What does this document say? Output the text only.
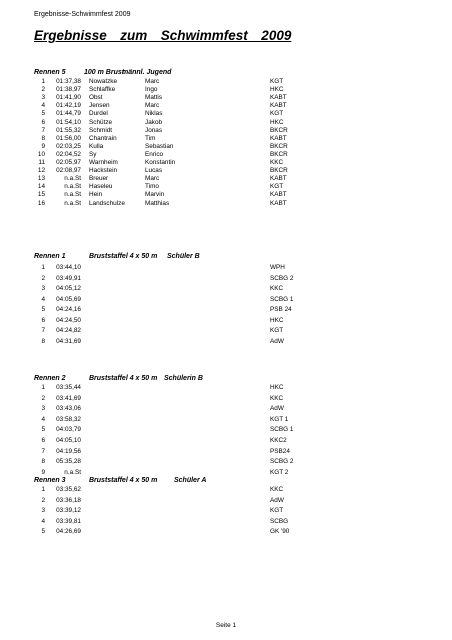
Ergebnisse-Schwimmfest 2009
Ergebnisse  zum  Schwimmfest  2009
Rennen 5	100 m Brust
männl. Jugend
1	01:37,38 Nowatzke	Marc	KGT
2	01:38,97 Schlaffke	Ingo	HKC
3	01:41,90 Obst	Mattis	KABT
4	01:42,19 Jensen	Marc	KABT
5	01:44,79 Durdel	Niklas	KGT
6	01:54,10 Schütze	Jakob	HKC
7	01:55,32 Schmidt	Jonas	BKCR
8	01:56,00 Chantrain	Tim	KABT
9	02:03,25 Kulla	Sebastian	BKCR
10	02:04,52 Sy	Enrico	BKCR
11	02:05,97 Warnheim	Konstantin	KKC
12	02:08,97 Hackstein	Lucas	BKCR
13	n.a.St Breuer	Marc	KABT
14	n.a.St Haseleu	Timo	KGT
15	n.a.St Hein	Marvin	KABT
16	n.a.St Landschulze	Matthias	KABT
Rennen 1	Bruststaffel 4 x 50 m Schüler B
1	03:44,10	WPH
2	03:49,91	SCBG 2
3	04:05,12	KKC
4	04:05,69	SCBG 1
5	04:24,16	PSB 24
6	04:24,50	HKC
7	04:24,82	KGT
8	04:31,69	AdW
Rennen 2	Bruststaffel 4 x 50 m Schülerin B
1	03:35,44	HKC
2	03:41,69	KKC
3	03:43,06	AdW
4	03:58,32	KGT 1
5	04:03,79	SCBG 1
6	04:05,10	KKC2
7	04:19,56	PSB24
8	05:35,28	SCBG 2
9	n.a.St	KGT 2
Rennen 3	Bruststaffel 4 x 50 m Schüler A
1	03:35,62	KKC
2	03:36,18	AdW
3	03:39,12	KGT
4	03:39,81	SCBG
5	04:26,69	GK '90
Seite 1
